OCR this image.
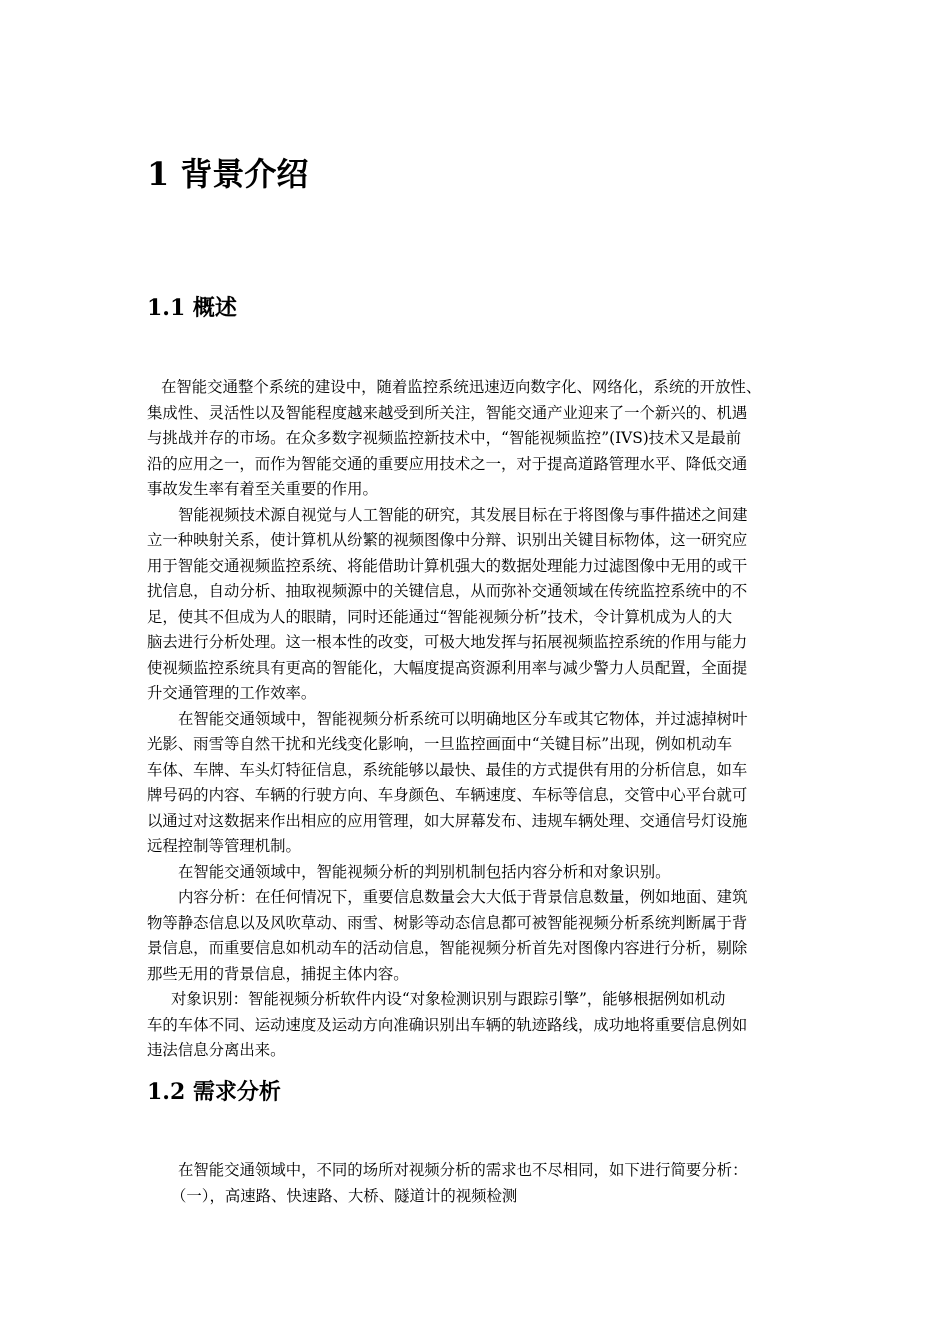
1 背景介绍
1.1 概述
在智能交通整个系统的建设中，随着监控系统迅速迈向数字化、网络化，系统的开放性、
集成性、灵活性以及智能程度越来越受到所关注，智能交通产业迎来了一个新兴的、机遇
与挑战并存的市场。在众多数字视频监控新技术中，“智能视频监控”(IVS)技术又是最前
沿的应用之一，而作为智能交通的重要应用技术之一，对于提高道路管理水平、降低交通
事故发生率有着至关重要的作用。
智能视频技术源自视觉与人工智能的研究，其发展目标在于将图像与事件描述之间建
立一种映射关系，使计算机从纷繁的视频图像中分辩、识别出关键目标物体，这一研究应
用于智能交通视频监控系统、将能借助计算机强大的数据处理能力过滤图像中无用的或干
扰信息，自动分析、抽取视频源中的关键信息，从而弥补交通领域在传统监控系统中的不
足，使其不但成为人的眼睛，同时还能通过“智能视频分析”技术，令计算机成为人的大
脑去进行分析处理。这一根本性的改变，可极大地发挥与拓展视频监控系统的作用与能力
使视频监控系统具有更高的智能化，大幅度提高资源利用率与减少警力人员配置，全面提
升交通管理的工作效率。
在智能交通领域中，智能视频分析系统可以明确地区分车或其它物体，并过滤掉树叶
光影、雨雪等自然干扰和光线变化影响，一旦监控画面中“关键目标”出现，例如机动车
车体、车牌、车头灯特征信息，系统能够以最快、最佳的方式提供有用的分析信息，如车
牌号码的内容、车辆的行驶方向、车身颜色、车辆速度、车标等信息，交管中心平台就可
以通过对这数据来作出相应的应用管理，如大屏幕发布、违规车辆处理、交通信号灯设施
远程控制等管理机制。
在智能交通领域中，智能视频分析的判别机制包括内容分析和对象识别。
内容分析：在任何情况下，重要信息数量会大大低于背景信息数量，例如地面、建筑
物等静态信息以及风吹草动、雨雪、树影等动态信息都可被智能视频分析系统判断属于背
景信息，而重要信息如机动车的活动信息，智能视频分析首先对图像内容进行分析，剔除
那些无用的背景信息，捕捉主体内容。
对象识别：智能视频分析软件内设“对象检测识别与跟踪引擎”，能够根据例如机动
车的车体不同、运动速度及运动方向准确识别出车辆的轨迹路线，成功地将重要信息例如
违法信息分离出来。
1.2 需求分析
在智能交通领域中，不同的场所对视频分析的需求也不尽相同，如下进行简要分析：
（一），高速路、快速路、大桥、隧道计的视频检测
